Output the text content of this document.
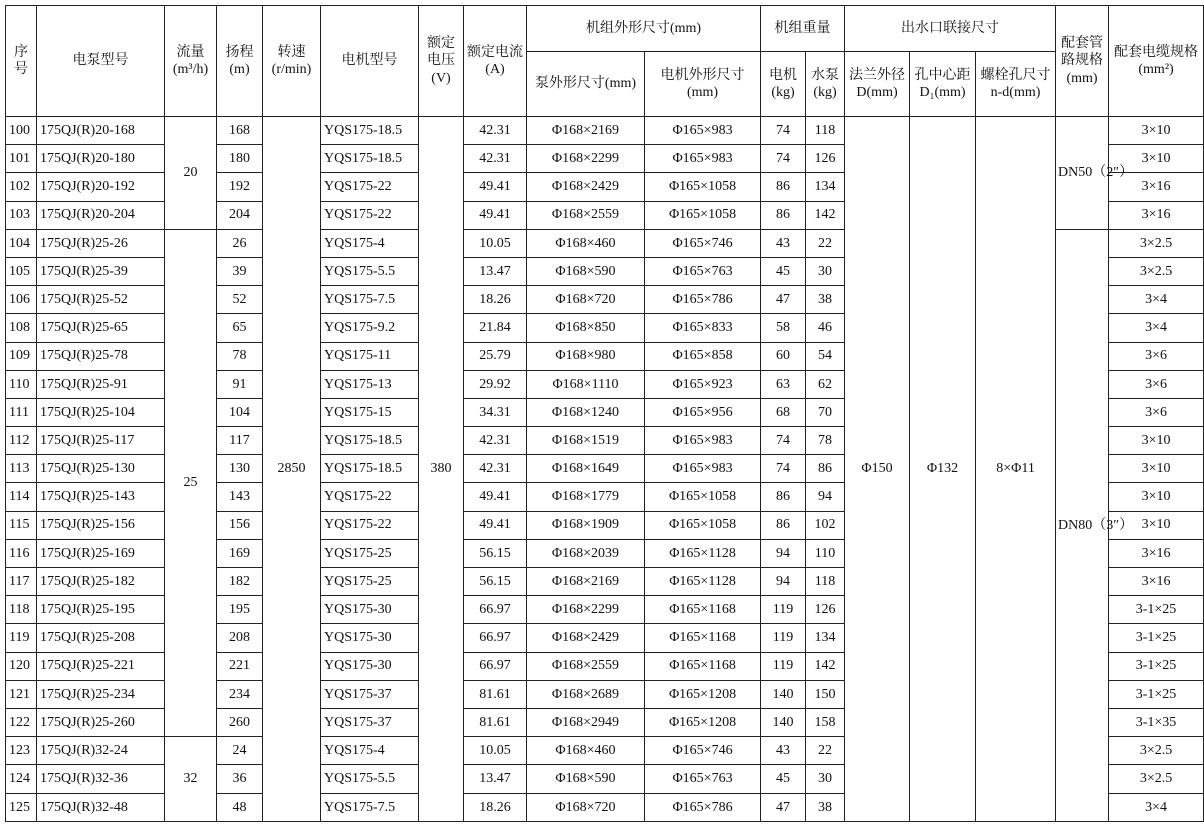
序号	电泵型号	流量(m³/h)	扬程(m)	转速(r/min)	电机型号	额定电压(V)	额定电流(A)	机组外形尺寸(mm)		机组重量		出水口联接尺寸			配套管路规格(mm)	配套电缆规格(mm²)
								泵外形尺寸(mm)	电机外形尺寸(mm)	电机(kg)	水泵(kg)	法兰外径 D(mm)	孔中心距 D₁(mm)	螺栓孔尺寸 n-d(mm)		
100	175QJ(R)20-168	20	168	2850	YQS175-18.5	380	42.31	Φ168×2169	Φ165×983	74	118	Φ150	Φ132	8×Φ11	DN50（2″）	3×10
101	175QJ(R)20-180		180		YQS175-18.5		42.31	Φ168×2299	Φ165×983	74	126					3×10
102	175QJ(R)20-192		192		YQS175-22		49.41	Φ168×2429	Φ165×1058	86	134					3×16
103	175QJ(R)20-204		204		YQS175-22		49.41	Φ168×2559	Φ165×1058	86	142					3×16
104	175QJ(R)25-26	25	26		YQS175-4		10.05	Φ168×460	Φ165×746	43	22				DN80（3″）	3×2.5
105	175QJ(R)25-39		39		YQS175-5.5		13.47	Φ168×590	Φ165×763	45	30					3×2.5
106	175QJ(R)25-52		52		YQS175-7.5		18.26	Φ168×720	Φ165×786	47	38					3×4
108	175QJ(R)25-65		65		YQS175-9.2		21.84	Φ168×850	Φ165×833	58	46					3×4
109	175QJ(R)25-78		78		YQS175-11		25.79	Φ168×980	Φ165×858	60	54					3×6
110	175QJ(R)25-91		91		YQS175-13		29.92	Φ168×1110	Φ165×923	63	62					3×6
111	175QJ(R)25-104		104		YQS175-15		34.31	Φ168×1240	Φ165×956	68	70					3×6
112	175QJ(R)25-117		117		YQS175-18.5		42.31	Φ168×1519	Φ165×983	74	78					3×10
113	175QJ(R)25-130		130		YQS175-18.5		42.31	Φ168×1649	Φ165×983	74	86					3×10
114	175QJ(R)25-143		143		YQS175-22		49.41	Φ168×1779	Φ165×1058	86	94					3×10
115	175QJ(R)25-156		156		YQS175-22		49.41	Φ168×1909	Φ165×1058	86	102					3×10
116	175QJ(R)25-169		169		YQS175-25		56.15	Φ168×2039	Φ165×1128	94	110					3×16
117	175QJ(R)25-182		182		YQS175-25		56.15	Φ168×2169	Φ165×1128	94	118					3×16
118	175QJ(R)25-195		195		YQS175-30		66.97	Φ168×2299	Φ165×1168	119	126					3-1×25
119	175QJ(R)25-208		208		YQS175-30		66.97	Φ168×2429	Φ165×1168	119	134					3-1×25
120	175QJ(R)25-221		221		YQS175-30		66.97	Φ168×2559	Φ165×1168	119	142					3-1×25
121	175QJ(R)25-234		234		YQS175-37		81.61	Φ168×2689	Φ165×1208	140	150					3-1×25
122	175QJ(R)25-260		260		YQS175-37		81.61	Φ168×2949	Φ165×1208	140	158					3-1×35
123	175QJ(R)32-24	32	24		YQS175-4		10.05	Φ168×460	Φ165×746	43	22					3×2.5
124	175QJ(R)32-36		36		YQS175-5.5		13.47	Φ168×590	Φ165×763	45	30					3×2.5
125	175QJ(R)32-48		48		YQS175-7.5		18.26	Φ168×720	Φ165×786	47	38					3×4
